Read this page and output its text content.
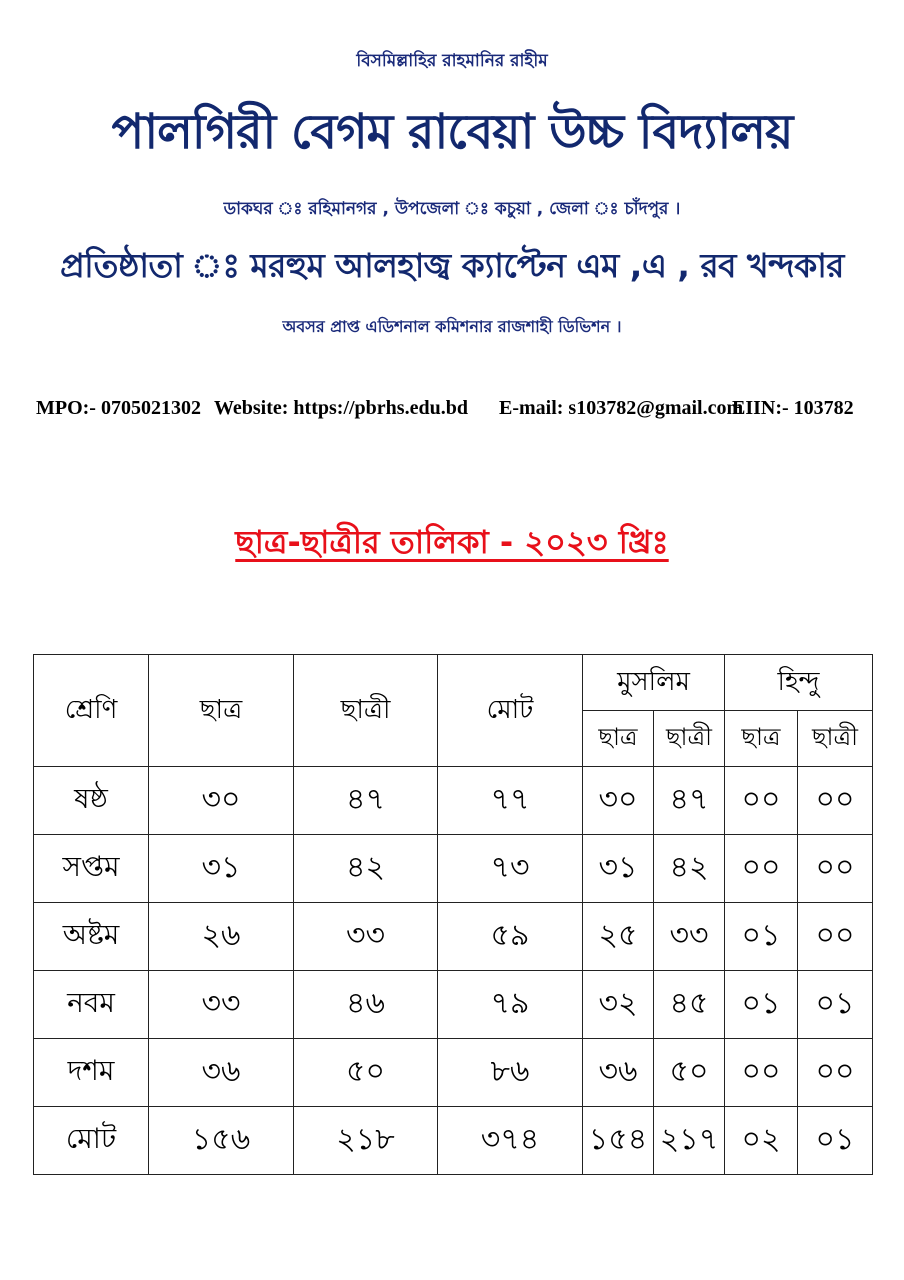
বিসমিল্লাহির রাহমানির রাহীম
পালগিরী বেগম রাবেয়া উচ্চ বিদ্যালয়
ডাকঘর ঃ রহিমানগর , উপজেলা ঃ কচুয়া , জেলা ঃ চাঁদপুর ।
প্রতিষ্ঠাতা ঃ মরহুম আলহাজ্ব ক্যাপ্টেন এম ,এ , রব খন্দকার
অবসর প্রাপ্ত এডিশনাল কমিশনার রাজশাহী ডিভিশন ।
MPO:- 0705021302 Website: https://pbrhs.edu.bd E-mail: s103782@gmail.com
EIIN:- 103782
ছাত্র-ছাত্রীর তালিকা - ২০২৩ খ্রিঃ
শ্রেণি	ছাত্র	ছাত্রী	মোট	মুসলিম		হিন্দু	
				ছাত্র	ছাত্রী	ছাত্র	ছাত্রী
ষষ্ঠ	৩০	৪৭	৭৭	৩০	৪৭	০০	০০
সপ্তম	৩১	৪২	৭৩	৩১	৪২	০০	০০
অষ্টম	২৬	৩৩	৫৯	২৫	৩৩	০১	০০
নবম	৩৩	৪৬	৭৯	৩২	৪৫	০১	০১
দশম	৩৬	৫০	৮৬	৩৬	৫০	০০	০০
মোট	১৫৬	২১৮	৩৭৪	১৫৪	২১৭	০২	০১
